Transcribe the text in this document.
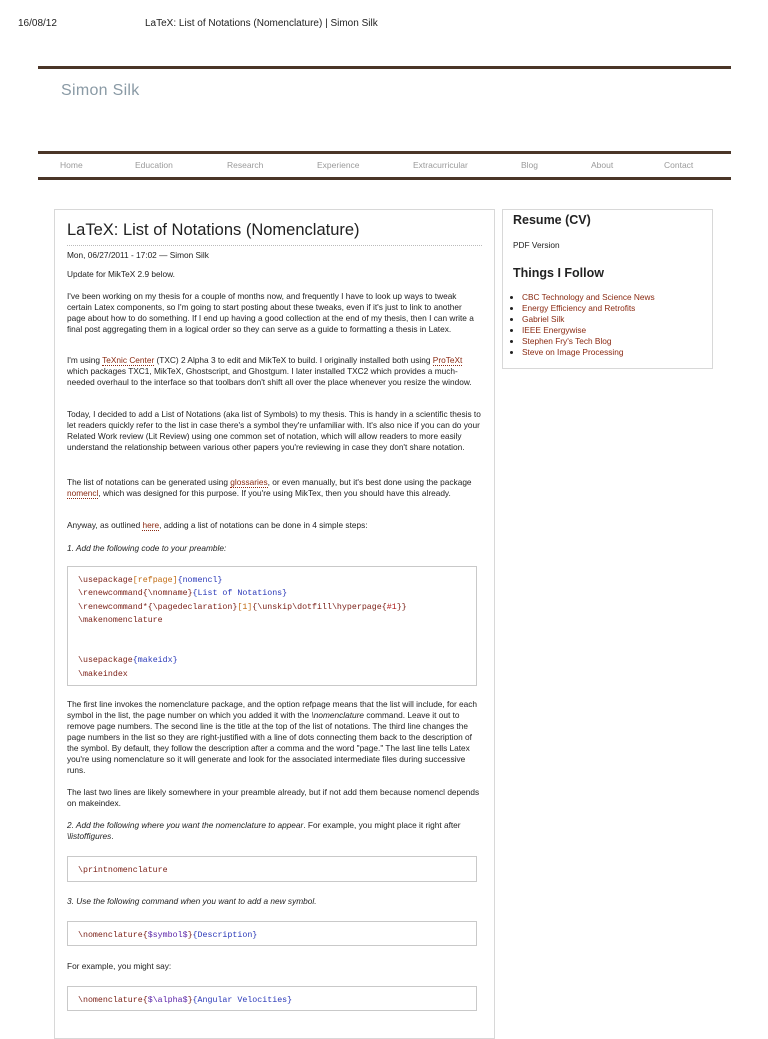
16/08/12	LaTeX: List of Notations (Nomenclature) | Simon Silk
Simon Silk
Home	Education	Research	Experience	Extracurricular	Blog	About	Contact
LaTeX: List of Notations (Nomenclature)
Mon, 06/27/2011 - 17:02 — Simon Silk

Update for MikTeX 2.9 below.

I've been working on my thesis for a couple of months now, and frequently I have to look up ways to tweak certain Latex components, so I'm going to start posting about these tweaks, even if it's just to link to another page about how to do something. If I end up having a good collection at the end of my thesis, then I can write a final post aggregating them in a logical order so they can serve as a guide to formatting a thesis in Latex.

I'm using TeXnic Center (TXC) 2 Alpha 3 to edit and MikTeX to build. I originally installed both using ProTeXt which packages TXC1, MikTeX, Ghostscript, and Ghostgum. I later installed TXC2 which provides a much-needed overhaul to the interface so that toolbars don't shift all over the place whenever you resize the window.

Today, I decided to add a List of Notations (aka list of Symbols) to my thesis. This is handy in a scientific thesis to let readers quickly refer to the list in case there's a symbol they're unfamiliar with. It's also nice if you can do your Related Work review (Lit Review) using one common set of notation, which will allow readers to more easily understand the relationship between various other papers you're reviewing in case they don't share notation.

The list of notations can be generated using glossaries, or even manually, but it's best done using the package nomencl, which was designed for this purpose. If you're using MikTex, then you should have this already.

Anyway, as outlined here, adding a list of notations can be done in 4 simple steps:

1. Add the following code to your preamble:

\usepackage[refpage]{nomencl}
\renewcommand{\nomname}{List of Notations}
\renewcommand*{\pagedeclaration}[1]{\unskip\dotfill\hyperpage{#1}}
\makenomenclature

\usepackage{makeidx}
\makeindex

The first line invokes the nomenclature package, and the option refpage means that the list will include, for each symbol in the list, the page number on which you added it with the \nomenclature command. Leave it out to remove page numbers. The second line is the title at the top of the list of notations. The third line changes the page numbers in the list so they are right-justified with a line of dots connecting them back to the description of the symbol. By default, they follow the description after a comma and the word "page." The last line tells Latex you're using nomenclature so it will generate and look for the associated intermediate files during successive runs.

The last two lines are likely somewhere in your preamble already, but if not add them because nomencl depends on makeindex.

2. Add the following where you want the nomenclature to appear. For example, you might place it right after \listoffigures.

\printnomenclature

3. Use the following command when you want to add a new symbol.

\nomenclature{$symbol$}{Description}

For example, you might say:

\nomenclature{$\alpha$}{Angular Velocities}
Resume (CV)
PDF Version
Things I Follow
• CBC Technology and Science News
• Energy Efficiency and Retrofits
• Gabriel Silk
• IEEE Energywise
• Stephen Fry's Tech Blog
• Steve on Image Processing
